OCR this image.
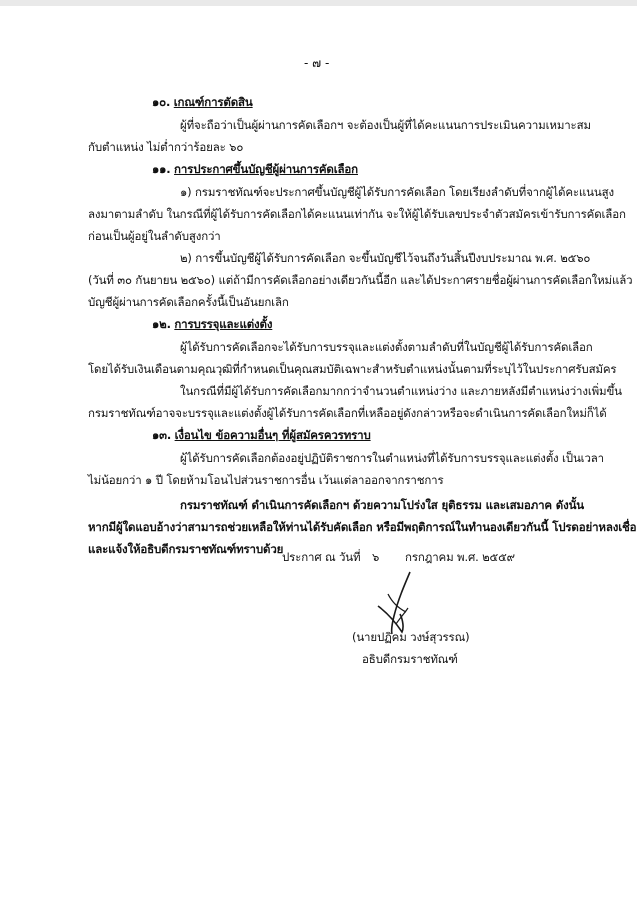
- ๗ -
๑๐. เกณฑ์การตัดสิน
ผู้ที่จะถือว่าเป็นผู้ผ่านการคัดเลือกฯ จะต้องเป็นผู้ที่ได้คะแนนการประเมินความเหมาะสม
กับตำแหน่ง ไม่ต่ำกว่าร้อยละ ๖๐
๑๑. การประกาศขึ้นบัญชีผู้ผ่านการคัดเลือก
๑) กรมราชทัณฑ์จะประกาศขึ้นบัญชีผู้ได้รับการคัดเลือก โดยเรียงลำดับที่จากผู้ได้คะแนนสูง
ลงมาตามลำดับ ในกรณีที่ผู้ได้รับการคัดเลือกได้คะแนนเท่ากัน จะให้ผู้ได้รับเลขประจำตัวสมัครเข้ารับการคัดเลือก
ก่อนเป็นผู้อยู่ในลำดับสูงกว่า
๒) การขึ้นบัญชีผู้ได้รับการคัดเลือก จะขึ้นบัญชีไว้จนถึงวันสิ้นปีงบประมาณ พ.ศ. ๒๕๖๐
(วันที่ ๓๐ กันยายน ๒๕๖๐) แต่ถ้ามีการคัดเลือกอย่างเดียวกันนี้อีก และได้ประกาศรายชื่อผู้ผ่านการคัดเลือกใหม่แล้ว
บัญชีผู้ผ่านการคัดเลือกครั้งนี้เป็นอันยกเลิก
๑๒. การบรรจุและแต่งตั้ง
ผู้ได้รับการคัดเลือกจะได้รับการบรรจุและแต่งตั้งตามลำดับที่ในบัญชีผู้ได้รับการคัดเลือก
โดยได้รับเงินเดือนตามคุณวุฒิที่กำหนดเป็นคุณสมบัติเฉพาะสำหรับตำแหน่งนั้นตามที่ระบุไว้ในประกาศรับสมัคร
ในกรณีที่มีผู้ได้รับการคัดเลือกมากกว่าจำนวนตำแหน่งว่าง และภายหลังมีตำแหน่งว่างเพิ่มขึ้น
กรมราชทัณฑ์อาจจะบรรจุและแต่งตั้งผู้ได้รับการคัดเลือกที่เหลืออยู่ดังกล่าวหรือจะดำเนินการคัดเลือกใหม่ก็ได้
๑๓. เงื่อนไข ข้อความอื่นๆ ที่ผู้สมัครควรทราบ
ผู้ได้รับการคัดเลือกต้องอยู่ปฏิบัติราชการในตำแหน่งที่ได้รับการบรรจุและแต่งตั้ง เป็นเวลา
ไม่น้อยกว่า ๑ ปี โดยห้ามโอนไปส่วนราชการอื่น เว้นแต่ลาออกจากราชการ
กรมราชทัณฑ์ ดำเนินการคัดเลือกฯ ด้วยความโปร่งใส ยุติธรรม และเสมอภาค ดังนั้น
หากมีผู้ใดแอบอ้างว่าสามารถช่วยเหลือให้ท่านได้รับคัดเลือก หรือมีพฤติการณ์ในทำนองเดียวกันนี้ โปรดอย่าหลงเชื่อ
และแจ้งให้อธิบดีกรมราชทัณฑ์ทราบด้วย
ประกาศ ณ วันที่ ๖ กรกฎาคม พ.ศ. ๒๕๕๙
(นายปฏิคม วงษ์สุวรรณ)
อธิบดีกรมราชทัณฑ์
